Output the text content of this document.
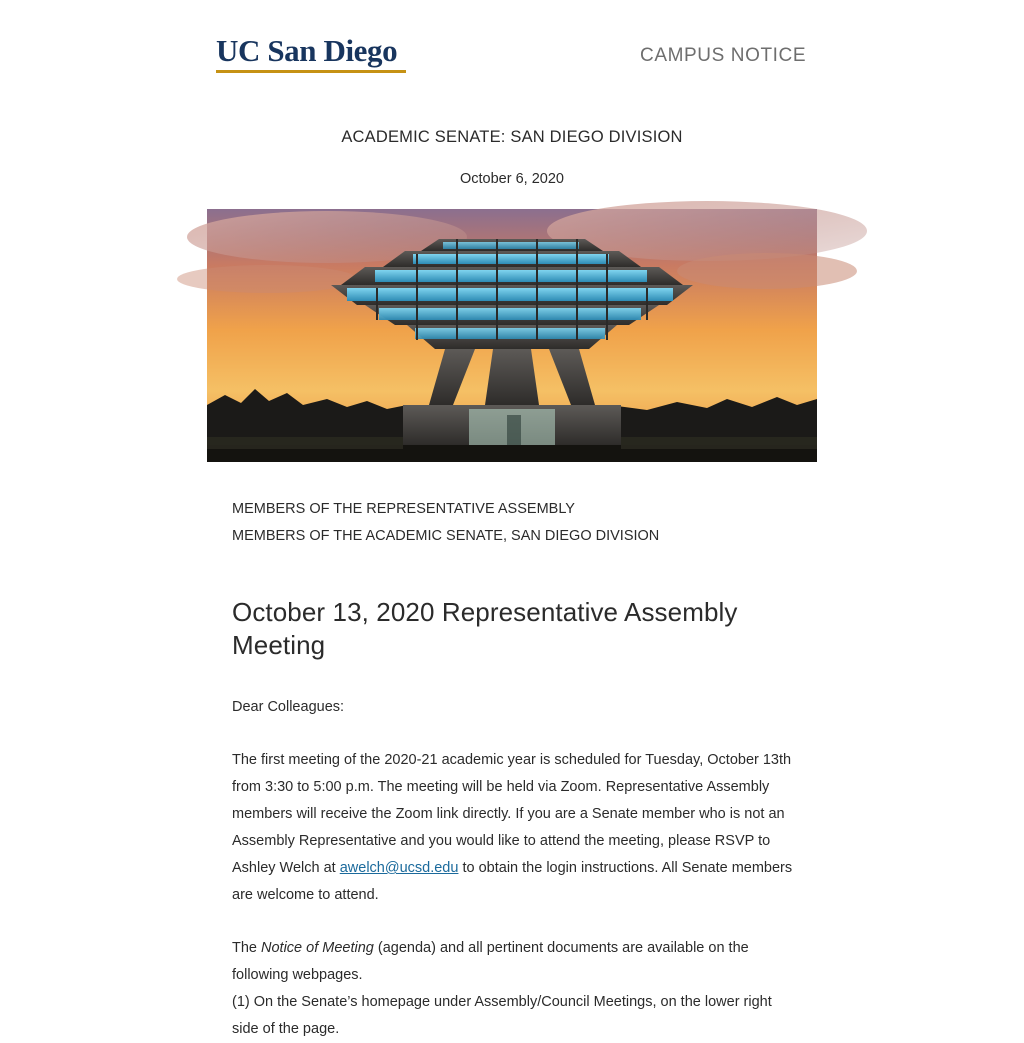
UC San Diego	CAMPUS NOTICE
ACADEMIC SENATE: SAN DIEGO DIVISION
October 6, 2020
MEMBERS OF THE REPRESENTATIVE ASSEMBLY
MEMBERS OF THE ACADEMIC SENATE, SAN DIEGO DIVISION
October 13, 2020 Representative Assembly Meeting

Dear Colleagues:

The first meeting of the 2020-21 academic year is scheduled for Tuesday, October 13th from 3:30 to 5:00 p.m. The meeting will be held via Zoom. Representative Assembly members will receive the Zoom link directly. If you are a Senate member who is not an Assembly Representative and you would like to attend the meeting, please RSVP to Ashley Welch at awelch@ucsd.edu to obtain the login instructions. All Senate members are welcome to attend.

The Notice of Meeting (agenda) and all pertinent documents are available on the following webpages.
(1) On the Senate’s homepage under Assembly/Council Meetings, on the lower right side of the page.
